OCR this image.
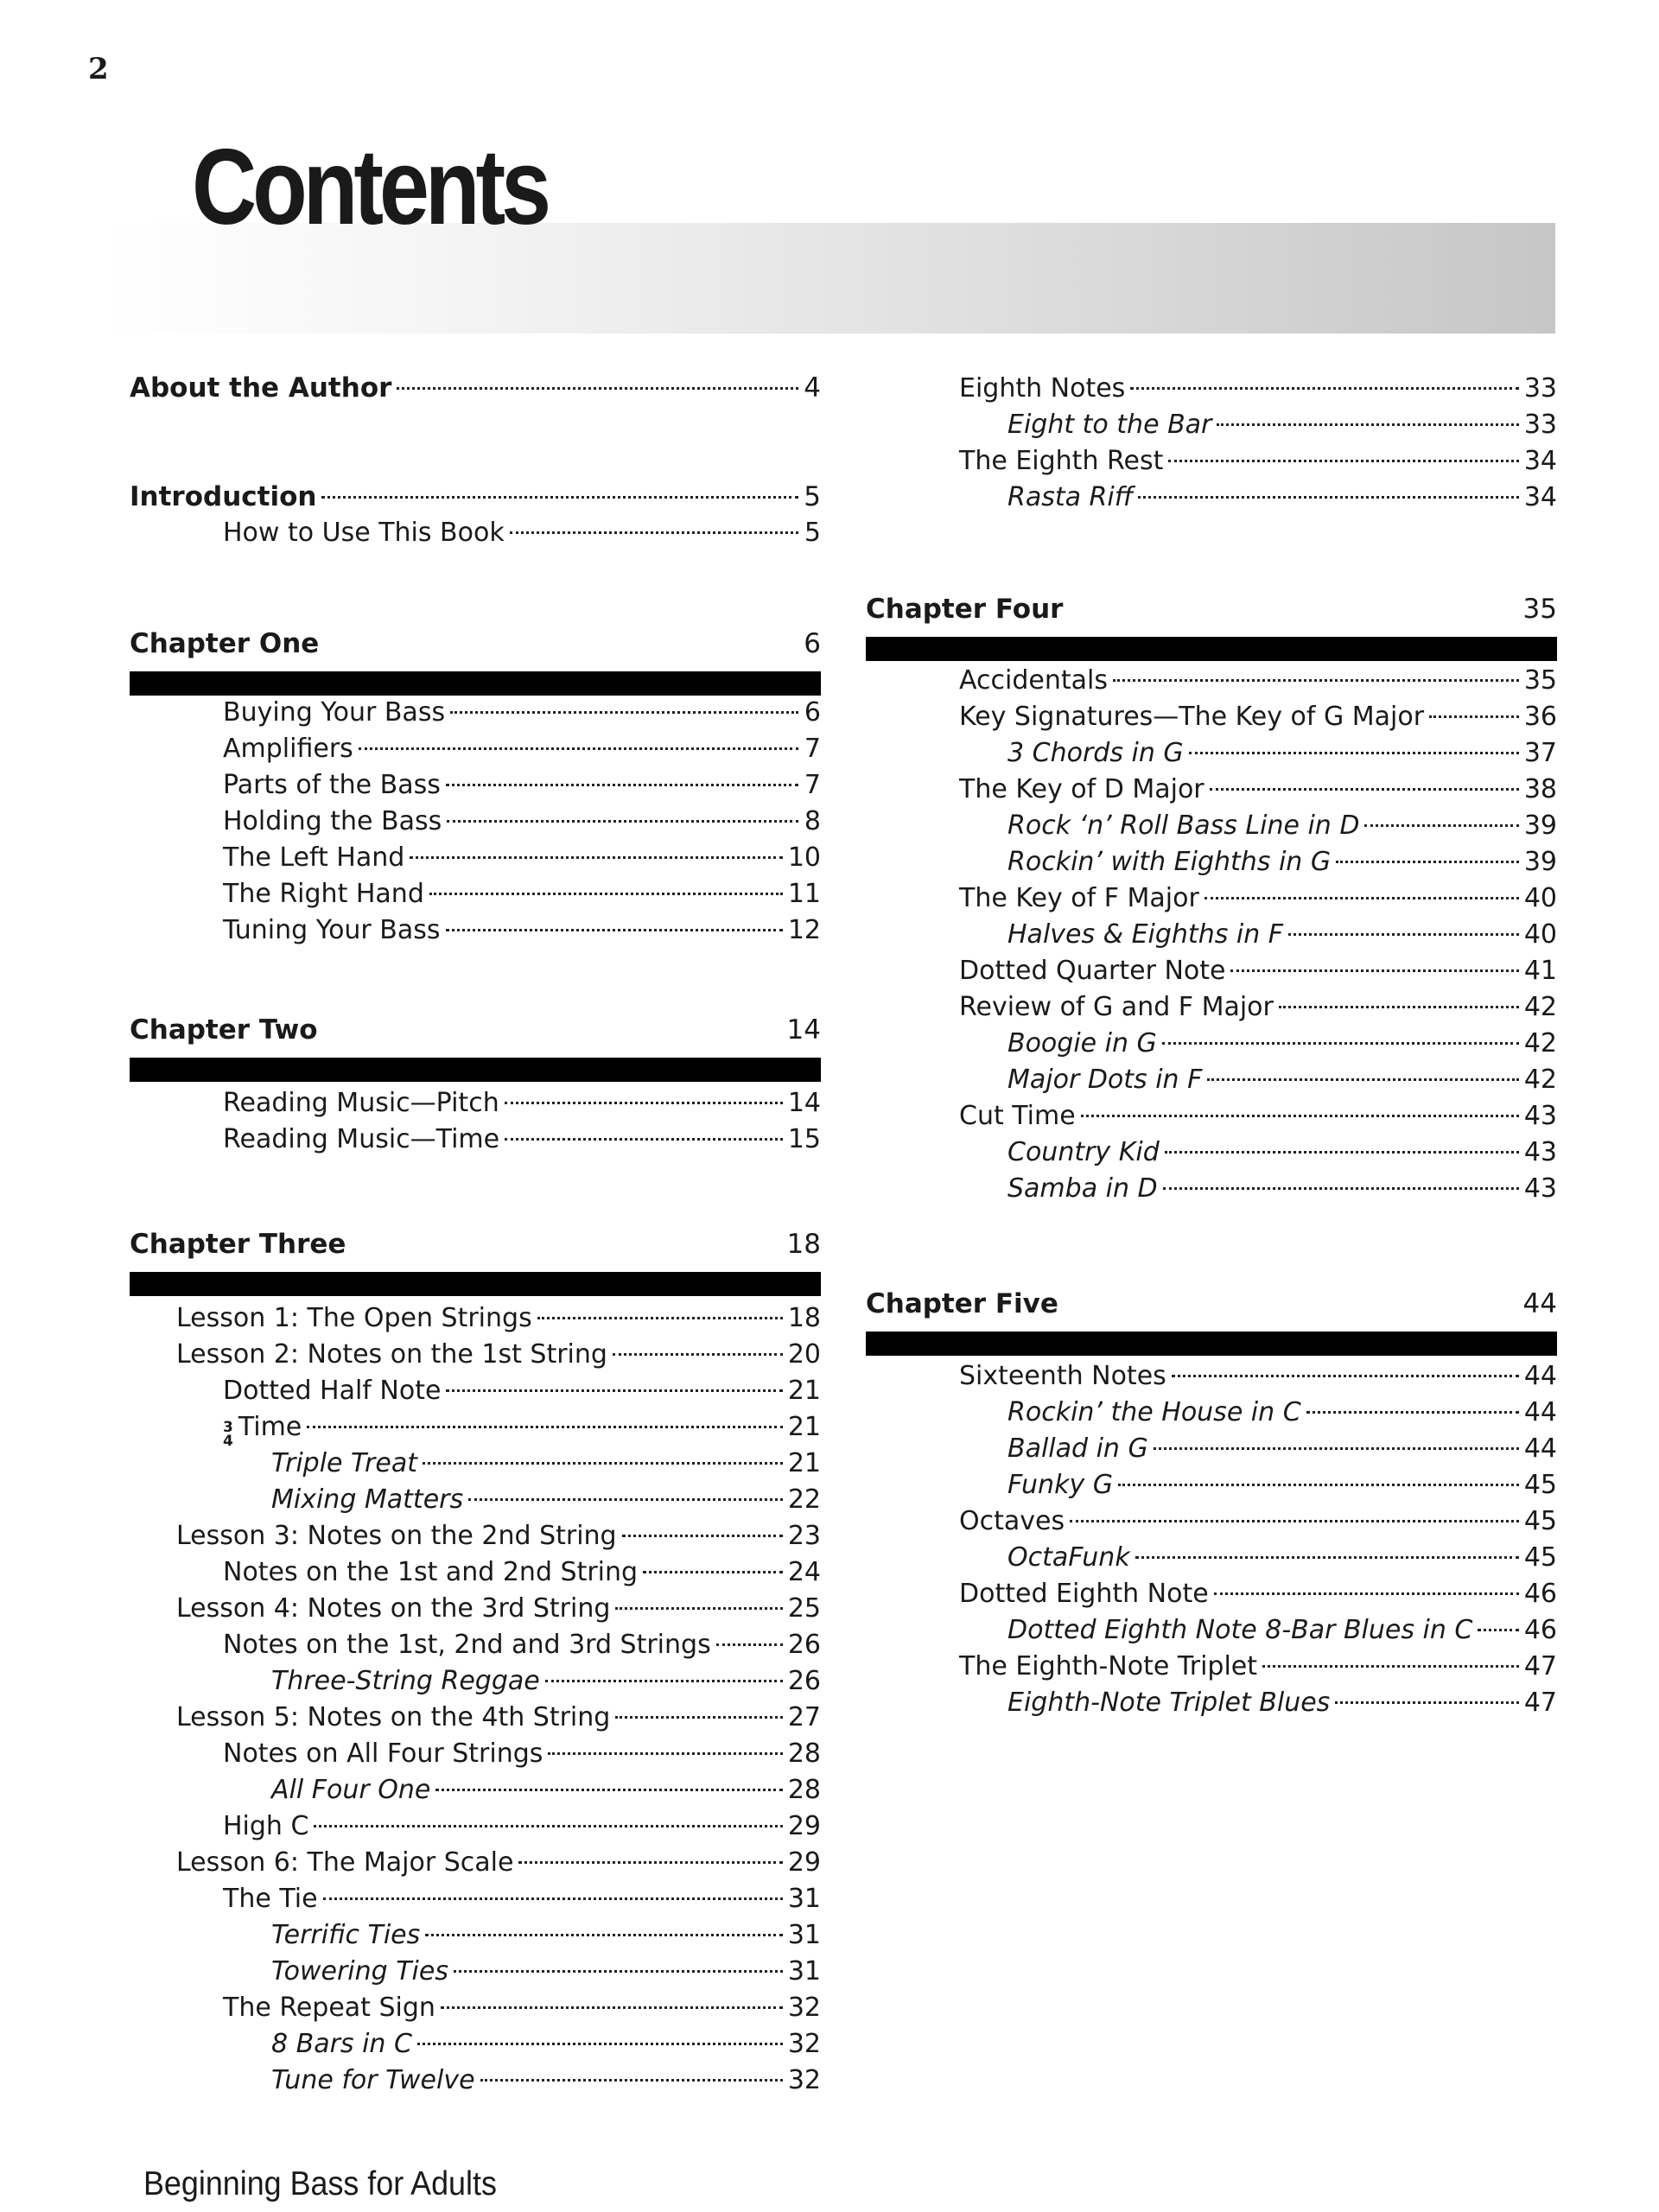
2
Contents
About the Author	4
Introduction	5
How to Use This Book	5
Chapter One	6
Buying Your Bass	6
Amplifiers	7
Parts of the Bass	7
Holding the Bass	8
The Left Hand	10
The Right Hand	11
Tuning Your Bass	12
Chapter Two	14
Reading Music—Pitch	14
Reading Music—Time	15
Chapter Three	18
Lesson 1: The Open Strings	18
Lesson 2: Notes on the 1st String	20
Dotted Half Note	21
3
4 Time	21
Triple Treat	21
Mixing Matters	22
Lesson 3: Notes on the 2nd String	23
Notes on the 1st and 2nd String	24
Lesson 4: Notes on the 3rd String	25
Notes on the 1st, 2nd and 3rd Strings	26
Three-String Reggae	26
Lesson 5: Notes on the 4th String	27
Notes on All Four Strings	28
All Four One	28
High C	29
Lesson 6: The Major Scale	29
The Tie	31
Terrific Ties	31
Towering Ties	31
The Repeat Sign	32
8 Bars in C	32
Tune for Twelve	32
Eighth Notes	33
Eight to the Bar	33
The Eighth Rest	34
Rasta Riff	34
Chapter Four	35
Accidentals	35
Key Signatures—The Key of G Major	36
3 Chords in G	37
The Key of D Major	38
Rock ‘n’ Roll Bass Line in D	39
Rockin’ with Eighths in G	39
The Key of F Major	40
Halves & Eighths in F	40
Dotted Quarter Note	41
Review of G and F Major	42
Boogie in G	42
Major Dots in F	42
Cut Time	43
Country Kid	43
Samba in D	43
Chapter Five	44
Sixteenth Notes	44
Rockin’ the House in C	44
Ballad in G	44
Funky G	45
Octaves	45
OctaFunk	45
Dotted Eighth Note	46
Dotted Eighth Note 8-Bar Blues in C 46
The Eighth-Note Triplet	47
Eighth-Note Triplet Blues	47
Beginning Bass for Adults
